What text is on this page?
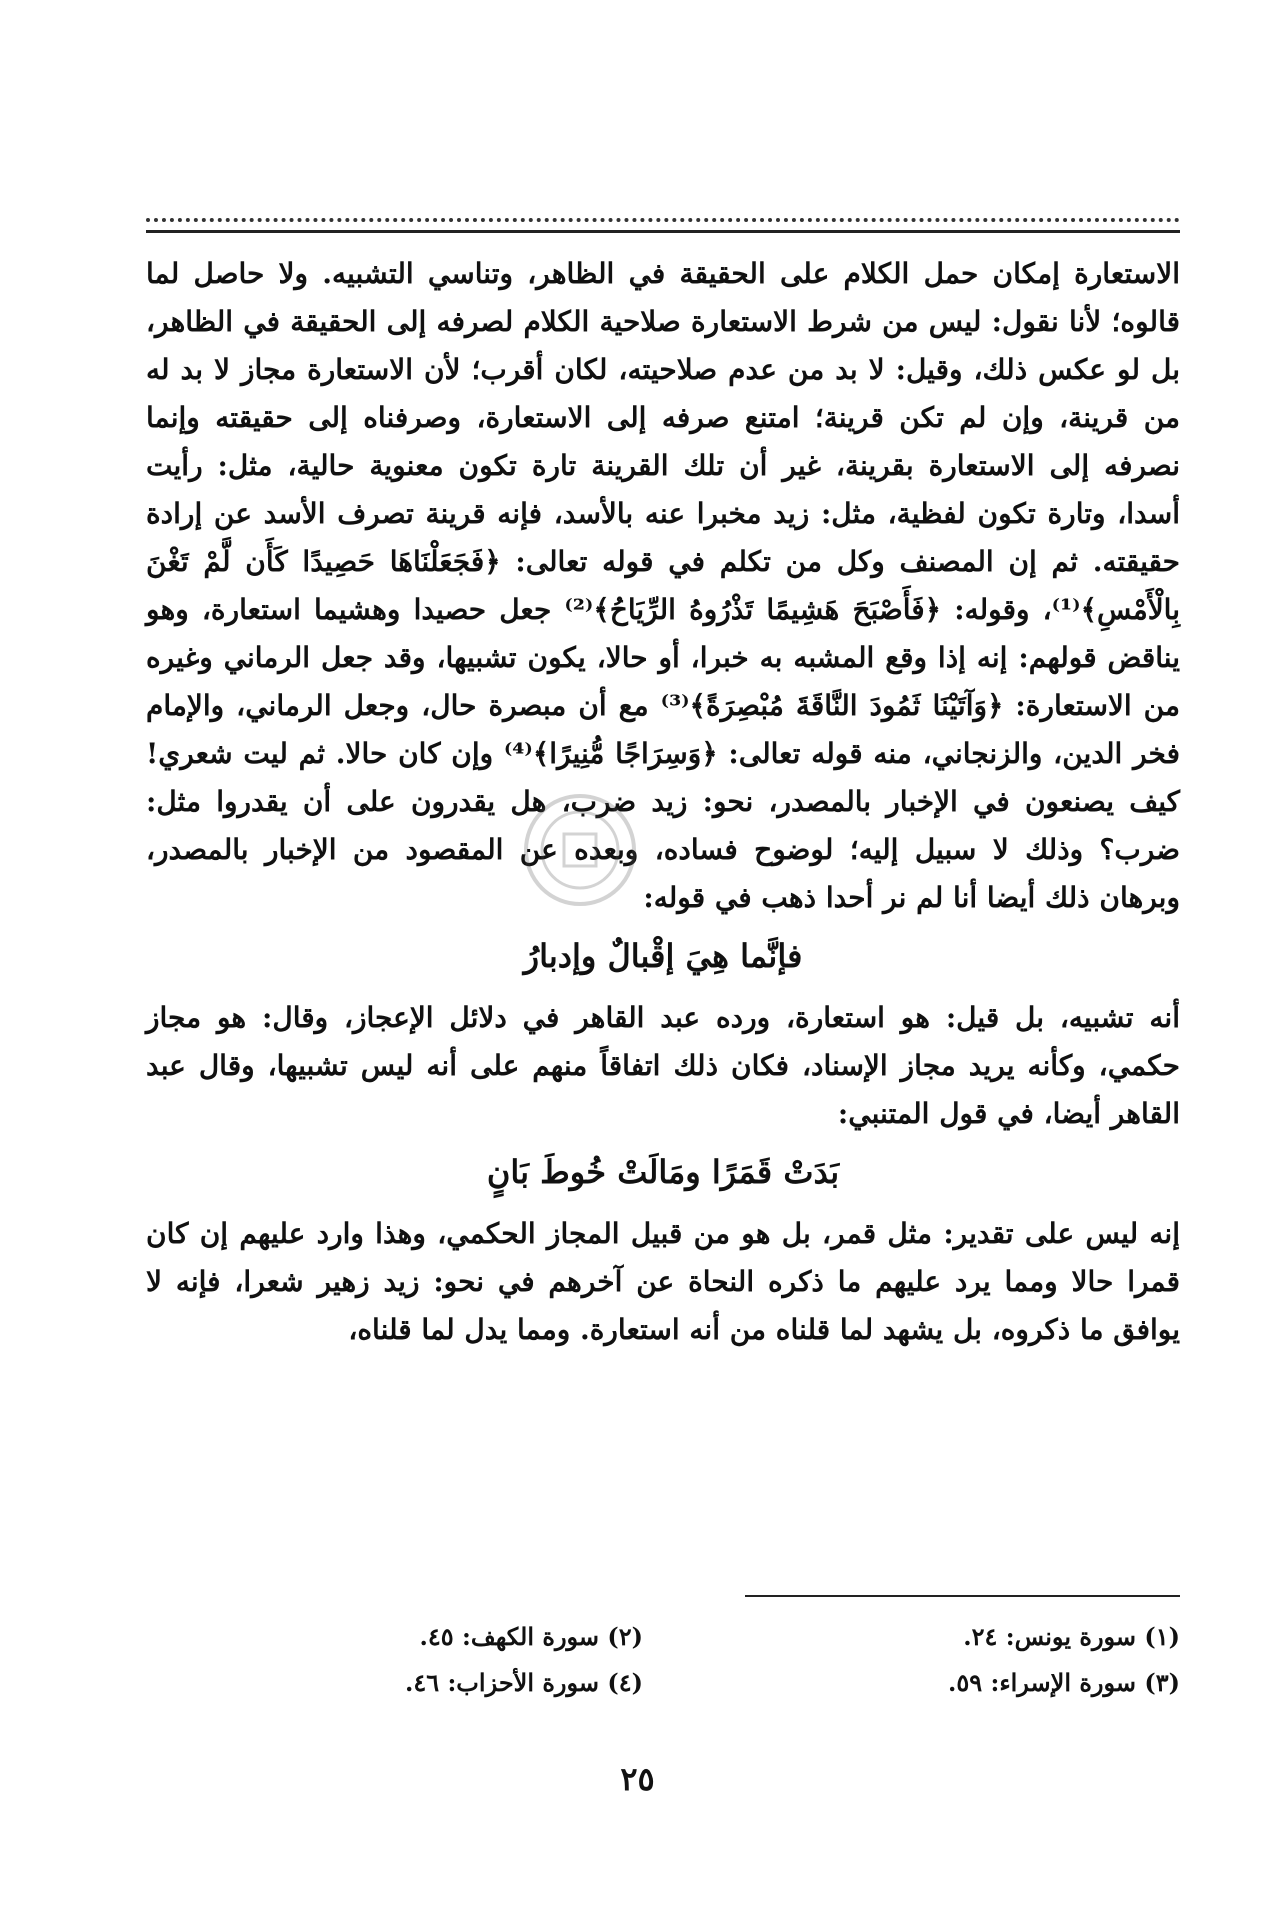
الاستعارة إمكان حمل الكلام على الحقيقة في الظاهر، وتناسي التشبيه. ولا حاصل لما قالوه؛ لأنا نقول: ليس من شرط الاستعارة صلاحية الكلام لصرفه إلى الحقيقة في الظاهر، بل لو عكس ذلك، وقيل: لا بد من عدم صلاحيته، لكان أقرب؛ لأن الاستعارة مجاز لا بد له من قرينة، وإن لم تكن قرينة؛ امتنع صرفه إلى الاستعارة، وصرفناه إلى حقيقته وإنما نصرفه إلى الاستعارة بقرينة، غير أن تلك القرينة تارة تكون معنوية حالية، مثل: رأيت أسدا، وتارة تكون لفظية، مثل: زيد مخبرا عنه بالأسد، فإنه قرينة تصرف الأسد عن إرادة حقيقته. ثم إن المصنف وكل من تكلم في قوله تعالى: ﴿فَجَعَلْنَاهَا حَصِيدًا كَأَن لَّمْ تَغْنَ بِالْأَمْسِ﴾⁽¹⁾، وقوله: ﴿فَأَصْبَحَ هَشِيمًا تَذْرُوهُ الرِّيَاحُ﴾⁽²⁾ جعل حصيدا وهشيما استعارة، وهو يناقض قولهم: إنه إذا وقع المشبه به خبرا، أو حالا، يكون تشبيها، وقد جعل الرماني وغيره من الاستعارة: ﴿وَآتَيْنَا ثَمُودَ النَّاقَةَ مُبْصِرَةً﴾⁽³⁾ مع أن مبصرة حال، وجعل الرماني، والإمام فخر الدين، والزنجاني، منه قوله تعالى: ﴿وَسِرَاجًا مُّنِيرًا﴾⁽⁴⁾ وإن كان حالا. ثم ليت شعري! كيف يصنعون في الإخبار بالمصدر، نحو: زيد ضرب، هل يقدرون على أن يقدروا مثل: ضرب؟ وذلك لا سبيل إليه؛ لوضوح فساده، وبعده عن المقصود من الإخبار بالمصدر، وبرهان ذلك أيضا أنا لم نر أحدا ذهب في قوله:

فإنَّما هِيَ إقْبالٌ وإدبارُ

أنه تشبيه، بل قيل: هو استعارة، ورده عبد القاهر في دلائل الإعجاز، وقال: هو مجاز حكمي، وكأنه يريد مجاز الإسناد، فكان ذلك اتفاقاً منهم على أنه ليس تشبيها، وقال عبد القاهر أيضا، في قول المتنبي:

بَدَتْ قَمَرًا ومَالَتْ خُوطَ بَانٍ

إنه ليس على تقدير: مثل قمر، بل هو من قبيل المجاز الحكمي، وهذا وارد عليهم إن كان قمرا حالا ومما يرد عليهم ما ذكره النحاة عن آخرهم في نحو: زيد زهير شعرا، فإنه لا يوافق ما ذكروه، بل يشهد لما قلناه من أنه استعارة. ومما يدل لما قلناه،

(١) سورة يونس: ٢٤.
(٢) سورة الكهف: ٤٥.
(٣) سورة الإسراء: ٥٩.
(٤) سورة الأحزاب: ٤٦.
٢٥
